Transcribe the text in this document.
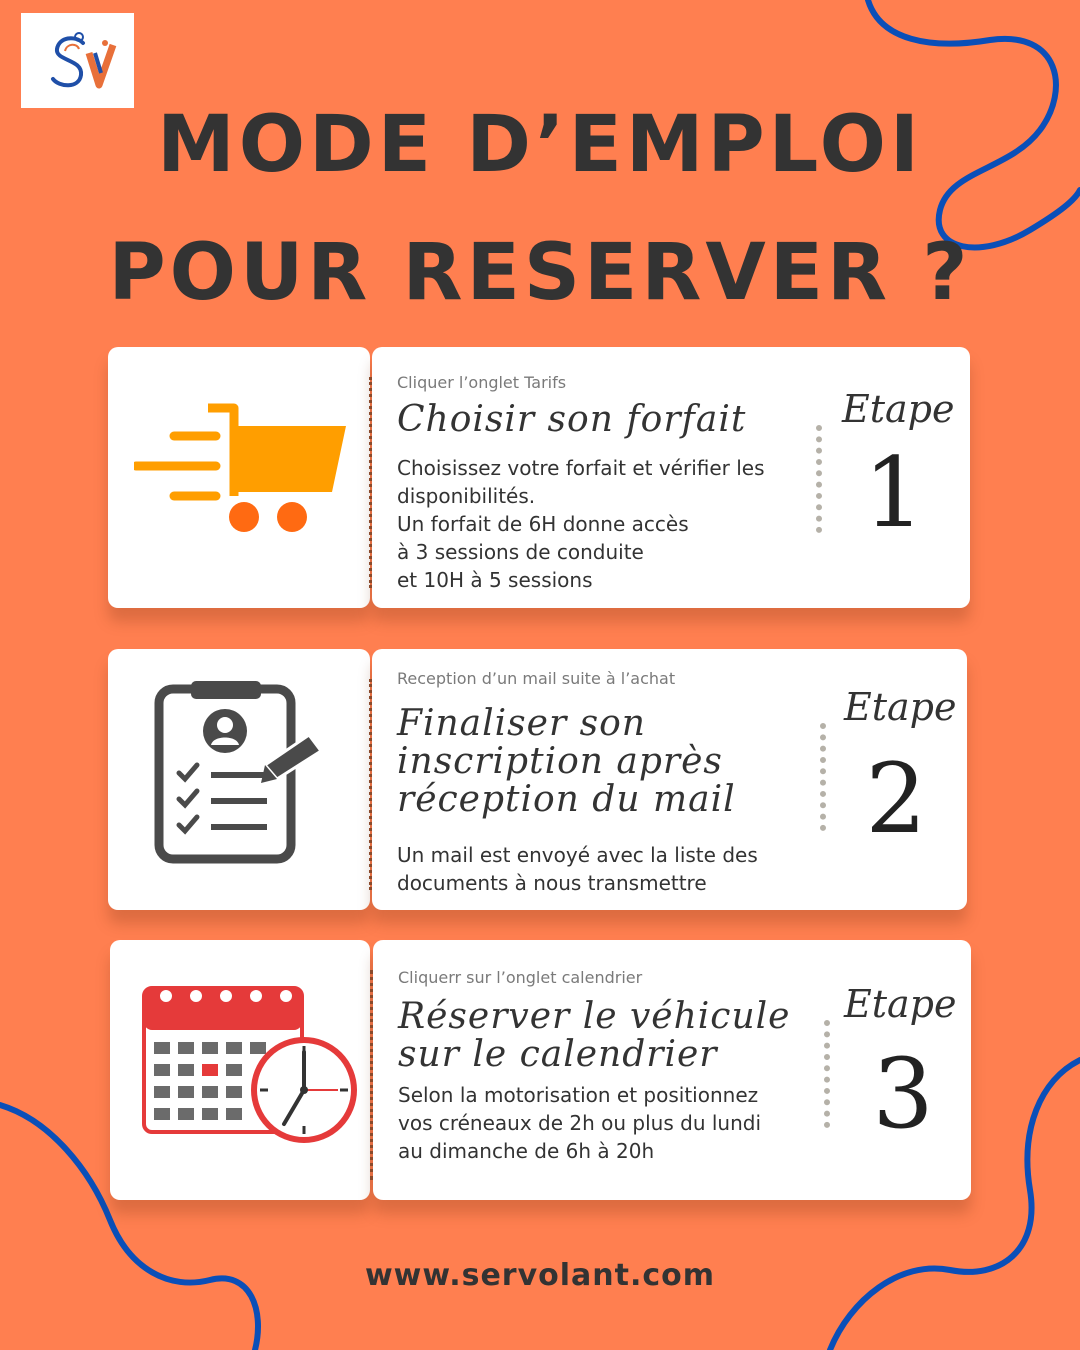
MODE D’EMPLOI
POUR RESERVER ?
Cliquer l’onglet Tarifs
Choisir son forfait
Choisissez votre forfait et vérifier les
disponibilités.
Un forfait de 6H donne accès
à 3 sessions de conduite
et 10H à 5 sessions
Etape
1
Reception d’un mail suite à l’achat
Finaliser son
inscription après
réception du mail
Un mail est envoyé avec la liste des
documents à nous transmettre
Etape
2
Cliquerr sur l’onglet calendrier
Réserver le véhicule
sur le calendrier
Selon la motorisation et positionnez
vos créneaux de 2h ou plus du lundi
au dimanche de 6h à 20h
Etape
3
www.servolant.com
